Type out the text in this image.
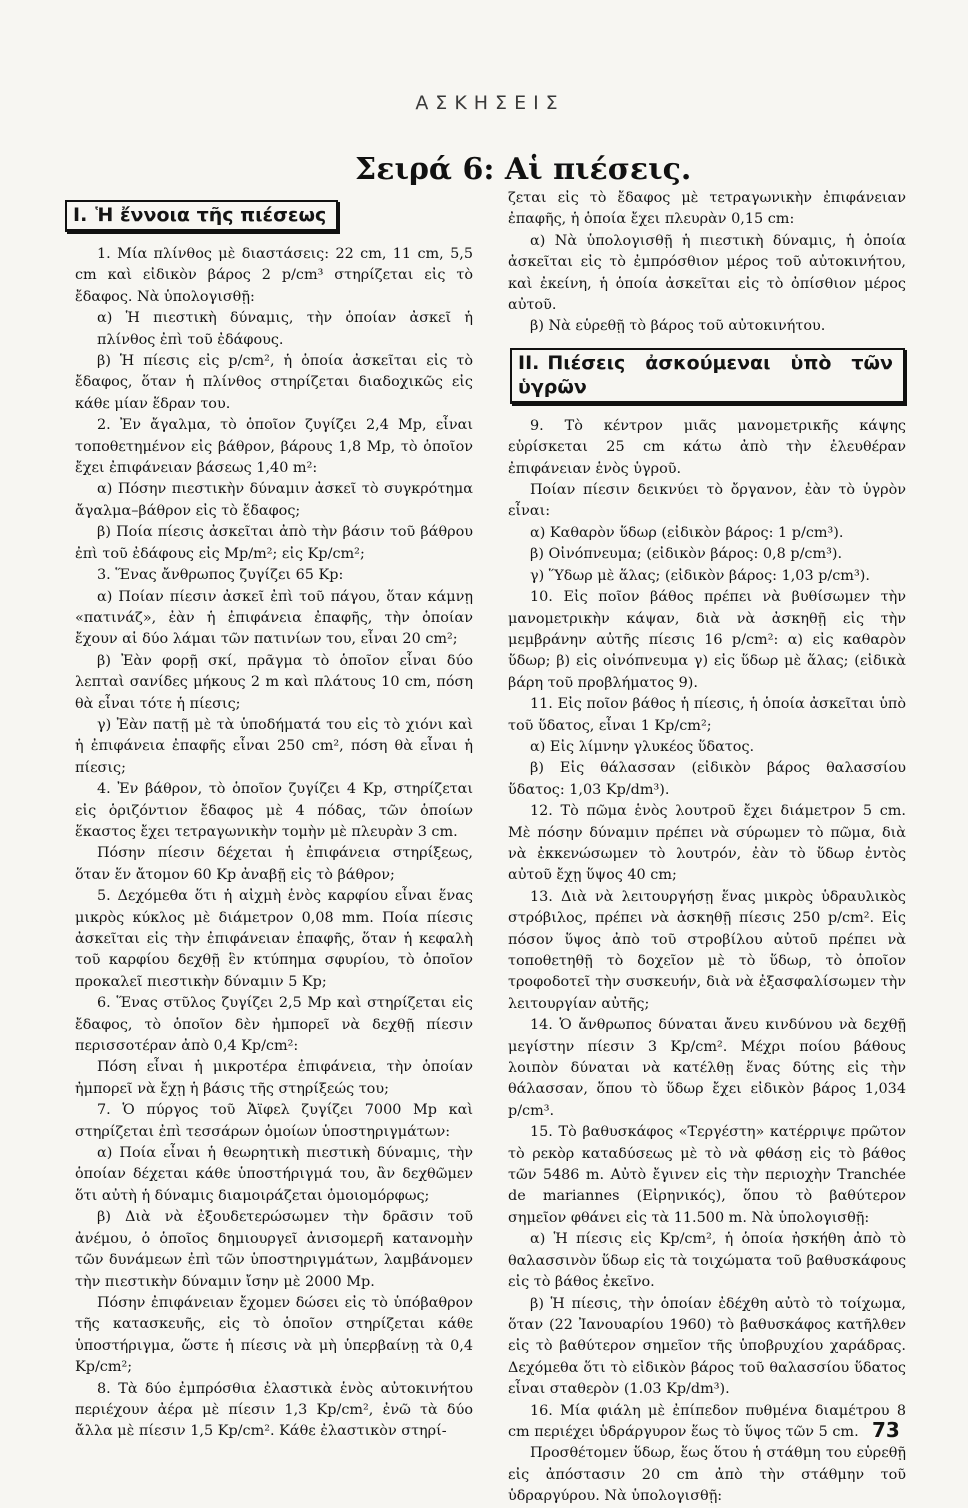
ΑΣΚΗΣΕΙΣ
Σειρά 6: Αἱ πιέσεις.
I. Ἡ ἔννοια τῆς πιέσεως

1. Μία πλίνθος μὲ διαστάσεις: 22 cm, 11 cm, 5,5 cm καὶ εἰδικὸν βάρος 2 p/cm³ στηρίζεται εἰς τὸ ἔδαφος. Νὰ ὑπολογισθῇ:

α) Ἡ πιεστικὴ δύναμις, τὴν ὁποίαν ἀσκεῖ ἡ πλίνθος ἐπὶ τοῦ ἐδάφους.

β) Ἡ πίεσις εἰς p/cm², ἡ ὁποία ἀσκεῖται εἰς τὸ ἔδαφος, ὅταν ἡ πλίνθος στηρίζεται διαδοχικῶς εἰς κάθε μίαν ἕδραν του.

2. Ἐν ἄγαλμα, τὸ ὁποῖον ζυγίζει 2,4 Mp, εἶναι τοποθετημένον εἰς βάθρον, βάρους 1,8 Mp, τὸ ὁποῖον ἔχει ἐπιφάνειαν βάσεως 1,40 m²:

α) Πόσην πιεστικὴν δύναμιν ἀσκεῖ τὸ συγκρότημα ἄγαλμα–βάθρον εἰς τὸ ἔδαφος;

β) Ποία πίεσις ἀσκεῖται ἀπὸ τὴν βάσιν τοῦ βάθρου ἐπὶ τοῦ ἐδάφους εἰς Mp/m²; εἰς Kp/cm²;

3. Ἕνας ἄνθρωπος ζυγίζει 65 Kp:

α) Ποίαν πίεσιν ἀσκεῖ ἐπὶ τοῦ πάγου, ὅταν κάμνῃ «πατινάζ», ἐὰν ἡ ἐπιφάνεια ἐπαφῆς, τὴν ὁποίαν ἔχουν αἱ δύο λάμαι τῶν πατινίων του, εἶναι 20 cm²;

β) Ἐὰν φορῇ σκί, πρᾶγμα τὸ ὁποῖον εἶναι δύο λεπταὶ σανίδες μήκους 2 m καὶ πλάτους 10 cm, πόση θὰ εἶναι τότε ἡ πίεσις;

γ) Ἐὰν πατῇ μὲ τὰ ὑποδήματά του εἰς τὸ χιόνι καὶ ἡ ἐπιφάνεια ἐπαφῆς εἶναι 250 cm², πόση θὰ εἶναι ἡ πίεσις;

4. Ἐν βάθρον, τὸ ὁποῖον ζυγίζει 4 Kp, στηρίζεται εἰς ὁριζόντιον ἔδαφος μὲ 4 πόδας, τῶν ὁποίων ἕκαστος ἔχει τετραγωνικὴν τομὴν μὲ πλευρὰν 3 cm.

Πόσην πίεσιν δέχεται ἡ ἐπιφάνεια στηρίξεως, ὅταν ἕν ἄτομον 60 Kp ἀναβῇ εἰς τὸ βάθρον;

5. Δεχόμεθα ὅτι ἡ αἰχμὴ ἑνὸς καρφίου εἶναι ἕνας μικρὸς κύκλος μὲ διάμετρον 0,08 mm. Ποία πίεσις ἀσκεῖται εἰς τὴν ἐπιφάνειαν ἐπαφῆς, ὅταν ἡ κεφαλὴ τοῦ καρφίου δεχθῇ ἓν κτύπημα σφυρίου, τὸ ὁποῖον προκαλεῖ πιεστικὴν δύναμιν 5 Kp;

6. Ἕνας στῦλος ζυγίζει 2,5 Mp καὶ στηρίζεται εἰς ἔδαφος, τὸ ὁποῖον δὲν ἠμπορεῖ νὰ δεχθῇ πίεσιν περισσοτέραν ἀπὸ 0,4 Kp/cm²:

Πόση εἶναι ἡ μικροτέρα ἐπιφάνεια, τὴν ὁποίαν ἠμπορεῖ νὰ ἔχῃ ἡ βάσις τῆς στηρίξεώς του;

7. Ὁ πύργος τοῦ Ἀϊφελ ζυγίζει 7000 Mp καὶ στηρίζεται ἐπὶ τεσσάρων ὁμοίων ὑποστηριγμάτων:

α) Ποία εἶναι ἡ θεωρητικὴ πιεστικὴ δύναμις, τὴν ὁποίαν δέχεται κάθε ὑποστήριγμά του, ἂν δεχθῶμεν ὅτι αὐτὴ ἡ δύναμις διαμοιράζεται ὁμοιομόρφως;

β) Διὰ νὰ ἐξουδετερώσωμεν τὴν δρᾶσιν τοῦ ἀνέμου, ὁ ὁποῖος δημιουργεῖ ἀνισομερῆ κατανομὴν τῶν δυνάμεων ἐπὶ τῶν ὑποστηριγμάτων, λαμβάνομεν τὴν πιεστικὴν δύναμιν ἴσην μὲ 2000 Mp.

Πόσην ἐπιφάνειαν ἔχομεν δώσει εἰς τὸ ὑπόβαθρον τῆς κατασκευῆς, εἰς τὸ ὁποῖον στηρίζεται κάθε ὑποστήριγμα, ὥστε ἡ πίεσις νὰ μὴ ὑπερβαίνῃ τὰ 0,4 Kp/cm²;

8. Τὰ δύο ἐμπρόσθια ἐλαστικὰ ἑνὸς αὐτοκινήτου περιέχουν ἀέρα μὲ πίεσιν 1,3 Kp/cm², ἐνῶ τὰ δύο ἄλλα μὲ πίεσιν 1,5 Kp/cm². Κάθε ἐλαστικὸν στηρί-

ζεται εἰς τὸ ἔδαφος μὲ τετραγωνικὴν ἐπιφάνειαν ἐπαφῆς, ἡ ὁποία ἔχει πλευρὰν 0,15 cm:

α) Νὰ ὑπολογισθῇ ἡ πιεστικὴ δύναμις, ἡ ὁποία ἀσκεῖται εἰς τὸ ἐμπρόσθιον μέρος τοῦ αὐτοκινήτου, καὶ ἐκείνη, ἡ ὁποία ἀσκεῖται εἰς τὸ ὀπίσθιον μέρος αὐτοῦ.

β) Νὰ εὑρεθῇ τὸ βάρος τοῦ αὐτοκινήτου.

II. Πιέσεις ἀσκούμεναι ὑπὸ τῶν ὑγρῶν

9. Τὸ κέντρον μιᾶς μανομετρικῆς κάψης εὑρίσκεται 25 cm κάτω ἀπὸ τὴν ἐλευθέραν ἐπιφάνειαν ἑνὸς ὑγροῦ.

Ποίαν πίεσιν δεικνύει τὸ ὄργανον, ἐὰν τὸ ὑγρὸν εἶναι:

α) Καθαρὸν ὕδωρ (εἰδικὸν βάρος: 1 p/cm³).

β) Οἰνόπνευμα; (εἰδικὸν βάρος: 0,8 p/cm³).

γ) Ὕδωρ μὲ ἅλας; (εἰδικὸν βάρος: 1,03 p/cm³).

10. Εἰς ποῖον βάθος πρέπει νὰ βυθίσωμεν τὴν μανομετρικὴν κάψαν, διὰ νὰ ἀσκηθῇ εἰς τὴν μεμβράνην αὐτῆς πίεσις 16 p/cm²: α) εἰς καθαρὸν ὕδωρ; β) εἰς οἰνόπνευμα γ) εἰς ὕδωρ μὲ ἅλας; (εἰδικὰ βάρη τοῦ προβλήματος 9).

11. Εἰς ποῖον βάθος ἡ πίεσις, ἡ ὁποία ἀσκεῖται ὑπὸ τοῦ ὕδατος, εἶναι 1 Kp/cm²;

α) Εἰς λίμνην γλυκέος ὕδατος.

β) Εἰς θάλασσαν (εἰδικὸν βάρος θαλασσίου ὕδατος: 1,03 Kp/dm³).

12. Τὸ πῶμα ἑνὸς λουτροῦ ἔχει διάμετρον 5 cm. Μὲ πόσην δύναμιν πρέπει νὰ σύρωμεν τὸ πῶμα, διὰ νὰ ἐκκενώσωμεν τὸ λουτρόν, ἐὰν τὸ ὕδωρ ἐντὸς αὐτοῦ ἔχῃ ὕψος 40 cm;

13. Διὰ νὰ λειτουργήσῃ ἕνας μικρὸς ὑδραυλικὸς στρόβιλος, πρέπει νὰ ἀσκηθῇ πίεσις 250 p/cm². Εἰς πόσον ὕψος ἀπὸ τοῦ στροβίλου αὐτοῦ πρέπει νὰ τοποθετηθῇ τὸ δοχεῖον μὲ τὸ ὕδωρ, τὸ ὁποῖον τροφοδοτεῖ τὴν συσκευήν, διὰ νὰ ἐξασφαλίσωμεν τὴν λειτουργίαν αὐτῆς;

14. Ὁ ἄνθρωπος δύναται ἄνευ κινδύνου νὰ δεχθῇ μεγίστην πίεσιν 3 Kp/cm². Μέχρι ποίου βάθους λοιπὸν δύναται νὰ κατέλθῃ ἕνας δύτης εἰς τὴν θάλασσαν, ὅπου τὸ ὕδωρ ἔχει εἰδικὸν βάρος 1,034 p/cm³.

15. Τὸ βαθυσκάφος «Τεργέστη» κατέρριψε πρῶτον τὸ ρεκὸρ καταδύσεως μὲ τὸ νὰ φθάσῃ εἰς τὸ βάθος τῶν 5486 m. Αὐτὸ ἔγινεν εἰς τὴν περιοχὴν Tranchée de mariannes (Εἰρηνικός), ὅπου τὸ βαθύτερον σημεῖον φθάνει εἰς τὰ 11.500 m. Νὰ ὑπολογισθῇ:

α) Ἡ πίεσις εἰς Kp/cm², ἡ ὁποία ἠσκήθη ἀπὸ τὸ θαλασσινὸν ὕδωρ εἰς τὰ τοιχώματα τοῦ βαθυσκάφους εἰς τὸ βάθος ἐκεῖνο.

β) Ἡ πίεσις, τὴν ὁποίαν ἐδέχθη αὐτὸ τὸ τοίχωμα, ὅταν (22 Ἰανουαρίου 1960) τὸ βαθυσκάφος κατῆλθεν εἰς τὸ βαθύτερον σημεῖον τῆς ὑποβρυχίου χαράδρας. Δεχόμεθα ὅτι τὸ εἰδικὸν βάρος τοῦ θαλασσίου ὕδατος εἶναι σταθερὸν (1.03 Kp/dm³).

16. Μία φιάλη μὲ ἐπίπεδον πυθμένα διαμέτρου 8 cm περιέχει ὑδράργυρον ἕως τὸ ὕψος τῶν 5 cm.

Προσθέτομεν ὕδωρ, ἕως ὅτου ἡ στάθμη του εὑρεθῇ εἰς ἀπόστασιν 20 cm ἀπὸ τὴν στάθμην τοῦ ὑδραργύρου. Νὰ ὑπολογισθῇ:

73
